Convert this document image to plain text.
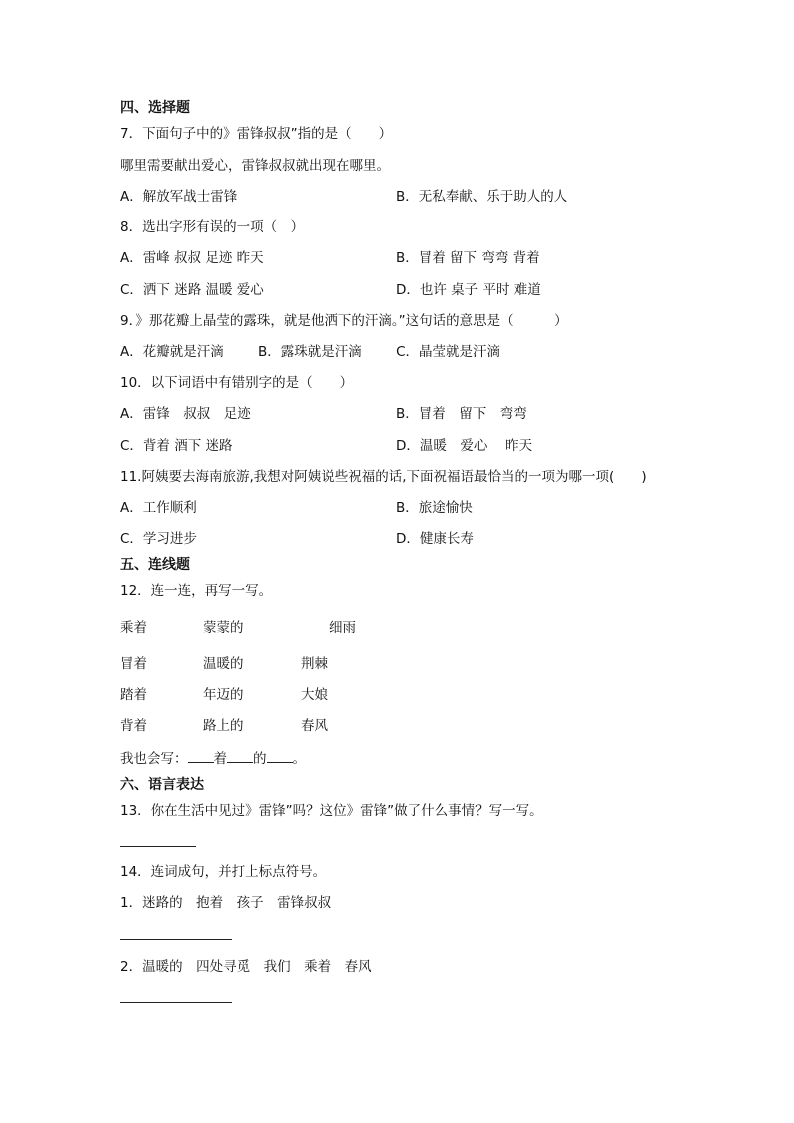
四、选择题
7．下面句子中的》雷锋叔叔”指的是（　　）
哪里需要献出爱心，雷锋叔叔就出现在哪里。
A．解放军战士雷锋	B．无私奉献、乐于助人的人
8．选出字形有误的一项（　）
A．雷峰 叔叔 足迹 昨天	B．冒着 留下 弯弯 背着
C．洒下 迷路 温暖 爱心	D．也许 桌子 平时 难道
9．》那花瓣上晶莹的露珠，就是他洒下的汗滴。”这句话的意思是（　　　）
A．花瓣就是汗滴	B．露珠就是汗滴	C．晶莹就是汗滴
10．以下词语中有错别字的是（　　）
A．雷锋　叔叔　足迹	B．冒着　留下　弯弯
C．背着 酒下 迷路	D．温暖　爱心　 昨天
11.阿姨要去海南旅游,我想对阿姨说些祝福的话,下面祝福语最恰当的一项为哪一项(　　)
A．工作顺利	B．旅途愉快
C．学习进步	D．健康长寿
五、连线题
12．连一连，再写一写。
乘着	蒙蒙的	细雨
冒着	温暖的	荆棘
踏着	年迈的	大娘
背着	路上的	春风
我也会写： 着 的 。
六、语言表达
13．你在生活中见过》雷锋”吗？这位》雷锋”做了什么事情？写一写。
14．连词成句，并打上标点符号。
1．迷路的　抱着　孩子　雷锋叔叔
2．温暖的　四处寻觅　我们　乘着　春风
